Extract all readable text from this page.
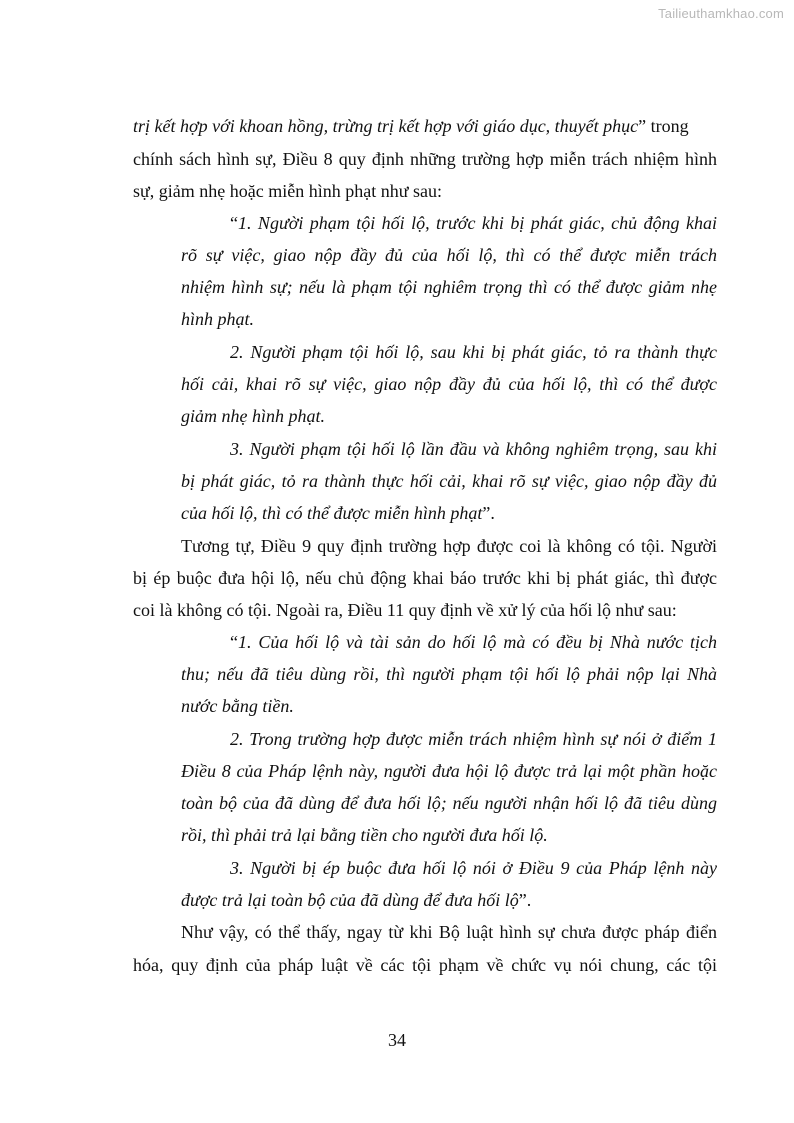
Tailieuthamkhao.com
trị kết hợp với khoan hồng, trừng trị kết hợp với giáo dục, thuyết phục” trong
chính sách hình sự, Điều 8 quy định những trường hợp miễn trách nhiệm hình
sự, giảm nhẹ hoặc miễn hình phạt như sau:
“1. Người phạm tội hối lộ, trước khi bị phát giác, chủ động khai
rõ sự việc, giao nộp đầy đủ của hối lộ, thì có thể được miễn trách
nhiệm hình sự; nếu là phạm tội nghiêm trọng thì có thể được giảm nhẹ
hình phạt.
2. Người phạm tội hối lộ, sau khi bị phát giác, tỏ ra thành thực
hối cải, khai rõ sự việc, giao nộp đầy đủ của hối lộ, thì có thể được
giảm nhẹ hình phạt.
3. Người phạm tội hối lộ lần đầu và không nghiêm trọng, sau khi
bị phát giác, tỏ ra thành thực hối cải, khai rõ sự việc, giao nộp đầy đủ
của hối lộ, thì có thể được miễn hình phạt”.
Tương tự, Điều 9 quy định trường hợp được coi là không có tội. Người
bị ép buộc đưa hội lộ, nếu chủ động khai báo trước khi bị phát giác, thì được
coi là không có tội. Ngoài ra, Điều 11 quy định về xử lý của hối lộ như sau:
“1. Của hối lộ và tài sản do hối lộ mà có đều bị Nhà nước tịch
thu; nếu đã tiêu dùng rồi, thì người phạm tội hối lộ phải nộp lại Nhà
nước bằng tiền.
2. Trong trường hợp được miễn trách nhiệm hình sự nói ở điểm 1
Điều 8 của Pháp lệnh này, người đưa hội lộ được trả lại một phần hoặc
toàn bộ của đã dùng để đưa hối lộ; nếu người nhận hối lộ đã tiêu dùng
rồi, thì phải trả lại bằng tiền cho người đưa hối lộ.
3. Người bị ép buộc đưa hối lộ nói ở Điều 9 của Pháp lệnh này
được trả lại toàn bộ của đã dùng để đưa hối lộ”.
Như vậy, có thể thấy, ngay từ khi Bộ luật hình sự chưa được pháp điển
hóa, quy định của pháp luật về các tội phạm về chức vụ nói chung, các tội
34
